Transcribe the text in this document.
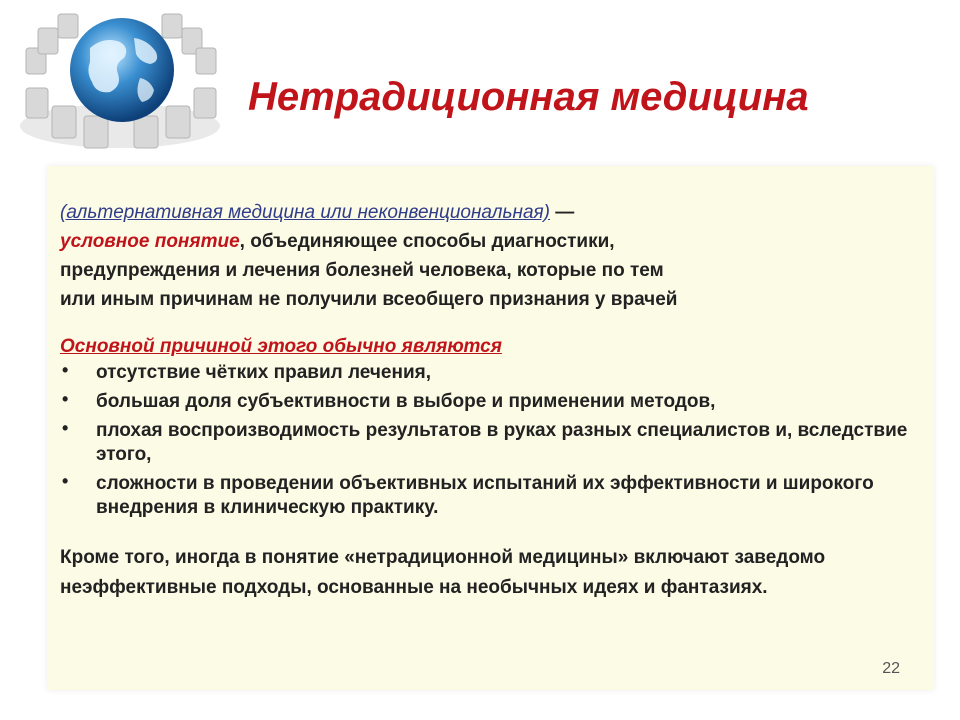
Нетрадиционная медицина

(альтернативная медицина или неконвенциональная) —

условное понятие, объединяющее способы диагностики,

предупреждения и лечения болезней человека, которые по тем

или иным причинам не получили всеобщего признания у врачей

Основной причиной этого обычно являются

• отсутствие чётких правил лечения,
• большая доля субъективности в выборе и применении методов,
• плохая воспроизводимость результатов в руках разных специалистов и, вследствие этого,
• сложности в проведении объективных испытаний их эффективности и широкого внедрения в клиническую практику.

Кроме того, иногда в понятие «нетрадиционной медицины» включают заведомо неэффективные подходы, основанные на необычных идеях и фантазиях.

22
